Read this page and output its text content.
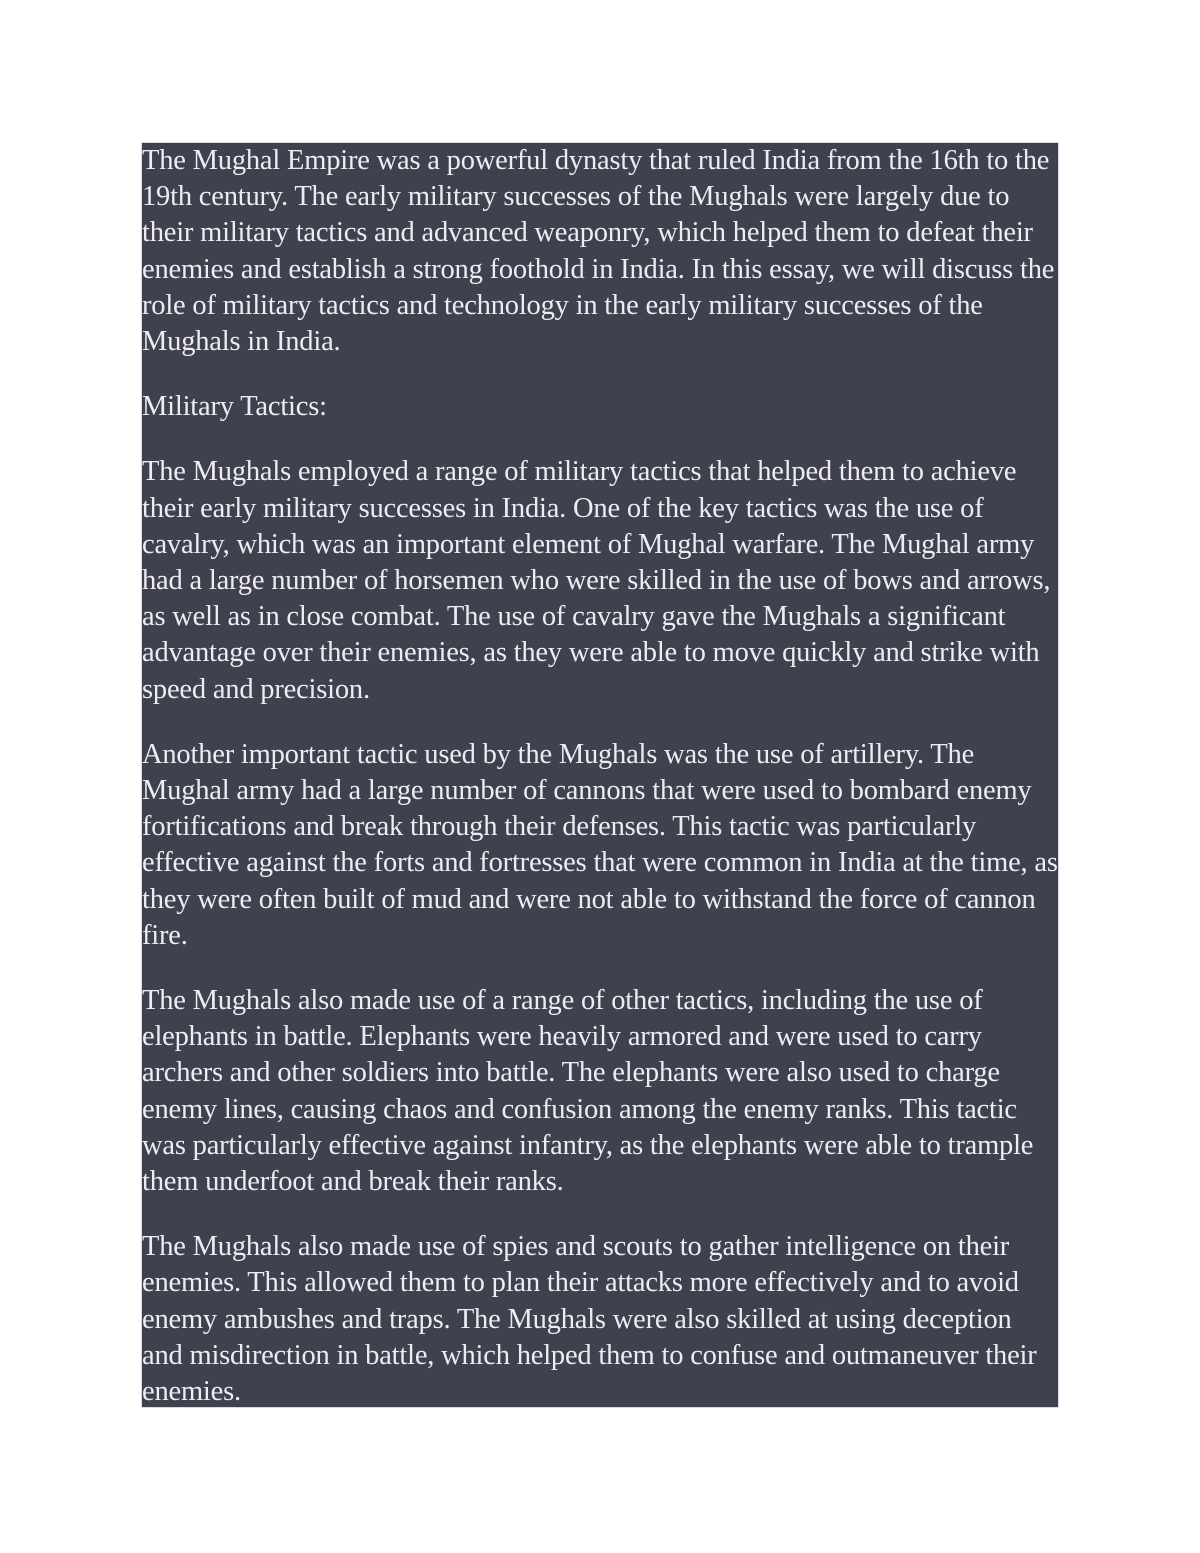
The Mughal Empire was a powerful dynasty that ruled India from the 16th to the 19th century. The early military successes of the Mughals were largely due to their military tactics and advanced weaponry, which helped them to defeat their enemies and establish a strong foothold in India. In this essay, we will discuss the role of military tactics and technology in the early military successes of the Mughals in India.

Military Tactics:

The Mughals employed a range of military tactics that helped them to achieve their early military successes in India. One of the key tactics was the use of cavalry, which was an important element of Mughal warfare. The Mughal army had a large number of horsemen who were skilled in the use of bows and arrows, as well as in close combat. The use of cavalry gave the Mughals a significant advantage over their enemies, as they were able to move quickly and strike with speed and precision.

Another important tactic used by the Mughals was the use of artillery. The Mughal army had a large number of cannons that were used to bombard enemy fortifications and break through their defenses. This tactic was particularly effective against the forts and fortresses that were common in India at the time, as they were often built of mud and were not able to withstand the force of cannon fire.

The Mughals also made use of a range of other tactics, including the use of elephants in battle. Elephants were heavily armored and were used to carry archers and other soldiers into battle. The elephants were also used to charge enemy lines, causing chaos and confusion among the enemy ranks. This tactic was particularly effective against infantry, as the elephants were able to trample them underfoot and break their ranks.

The Mughals also made use of spies and scouts to gather intelligence on their enemies. This allowed them to plan their attacks more effectively and to avoid enemy ambushes and traps. The Mughals were also skilled at using deception and misdirection in battle, which helped them to confuse and outmaneuver their enemies.
